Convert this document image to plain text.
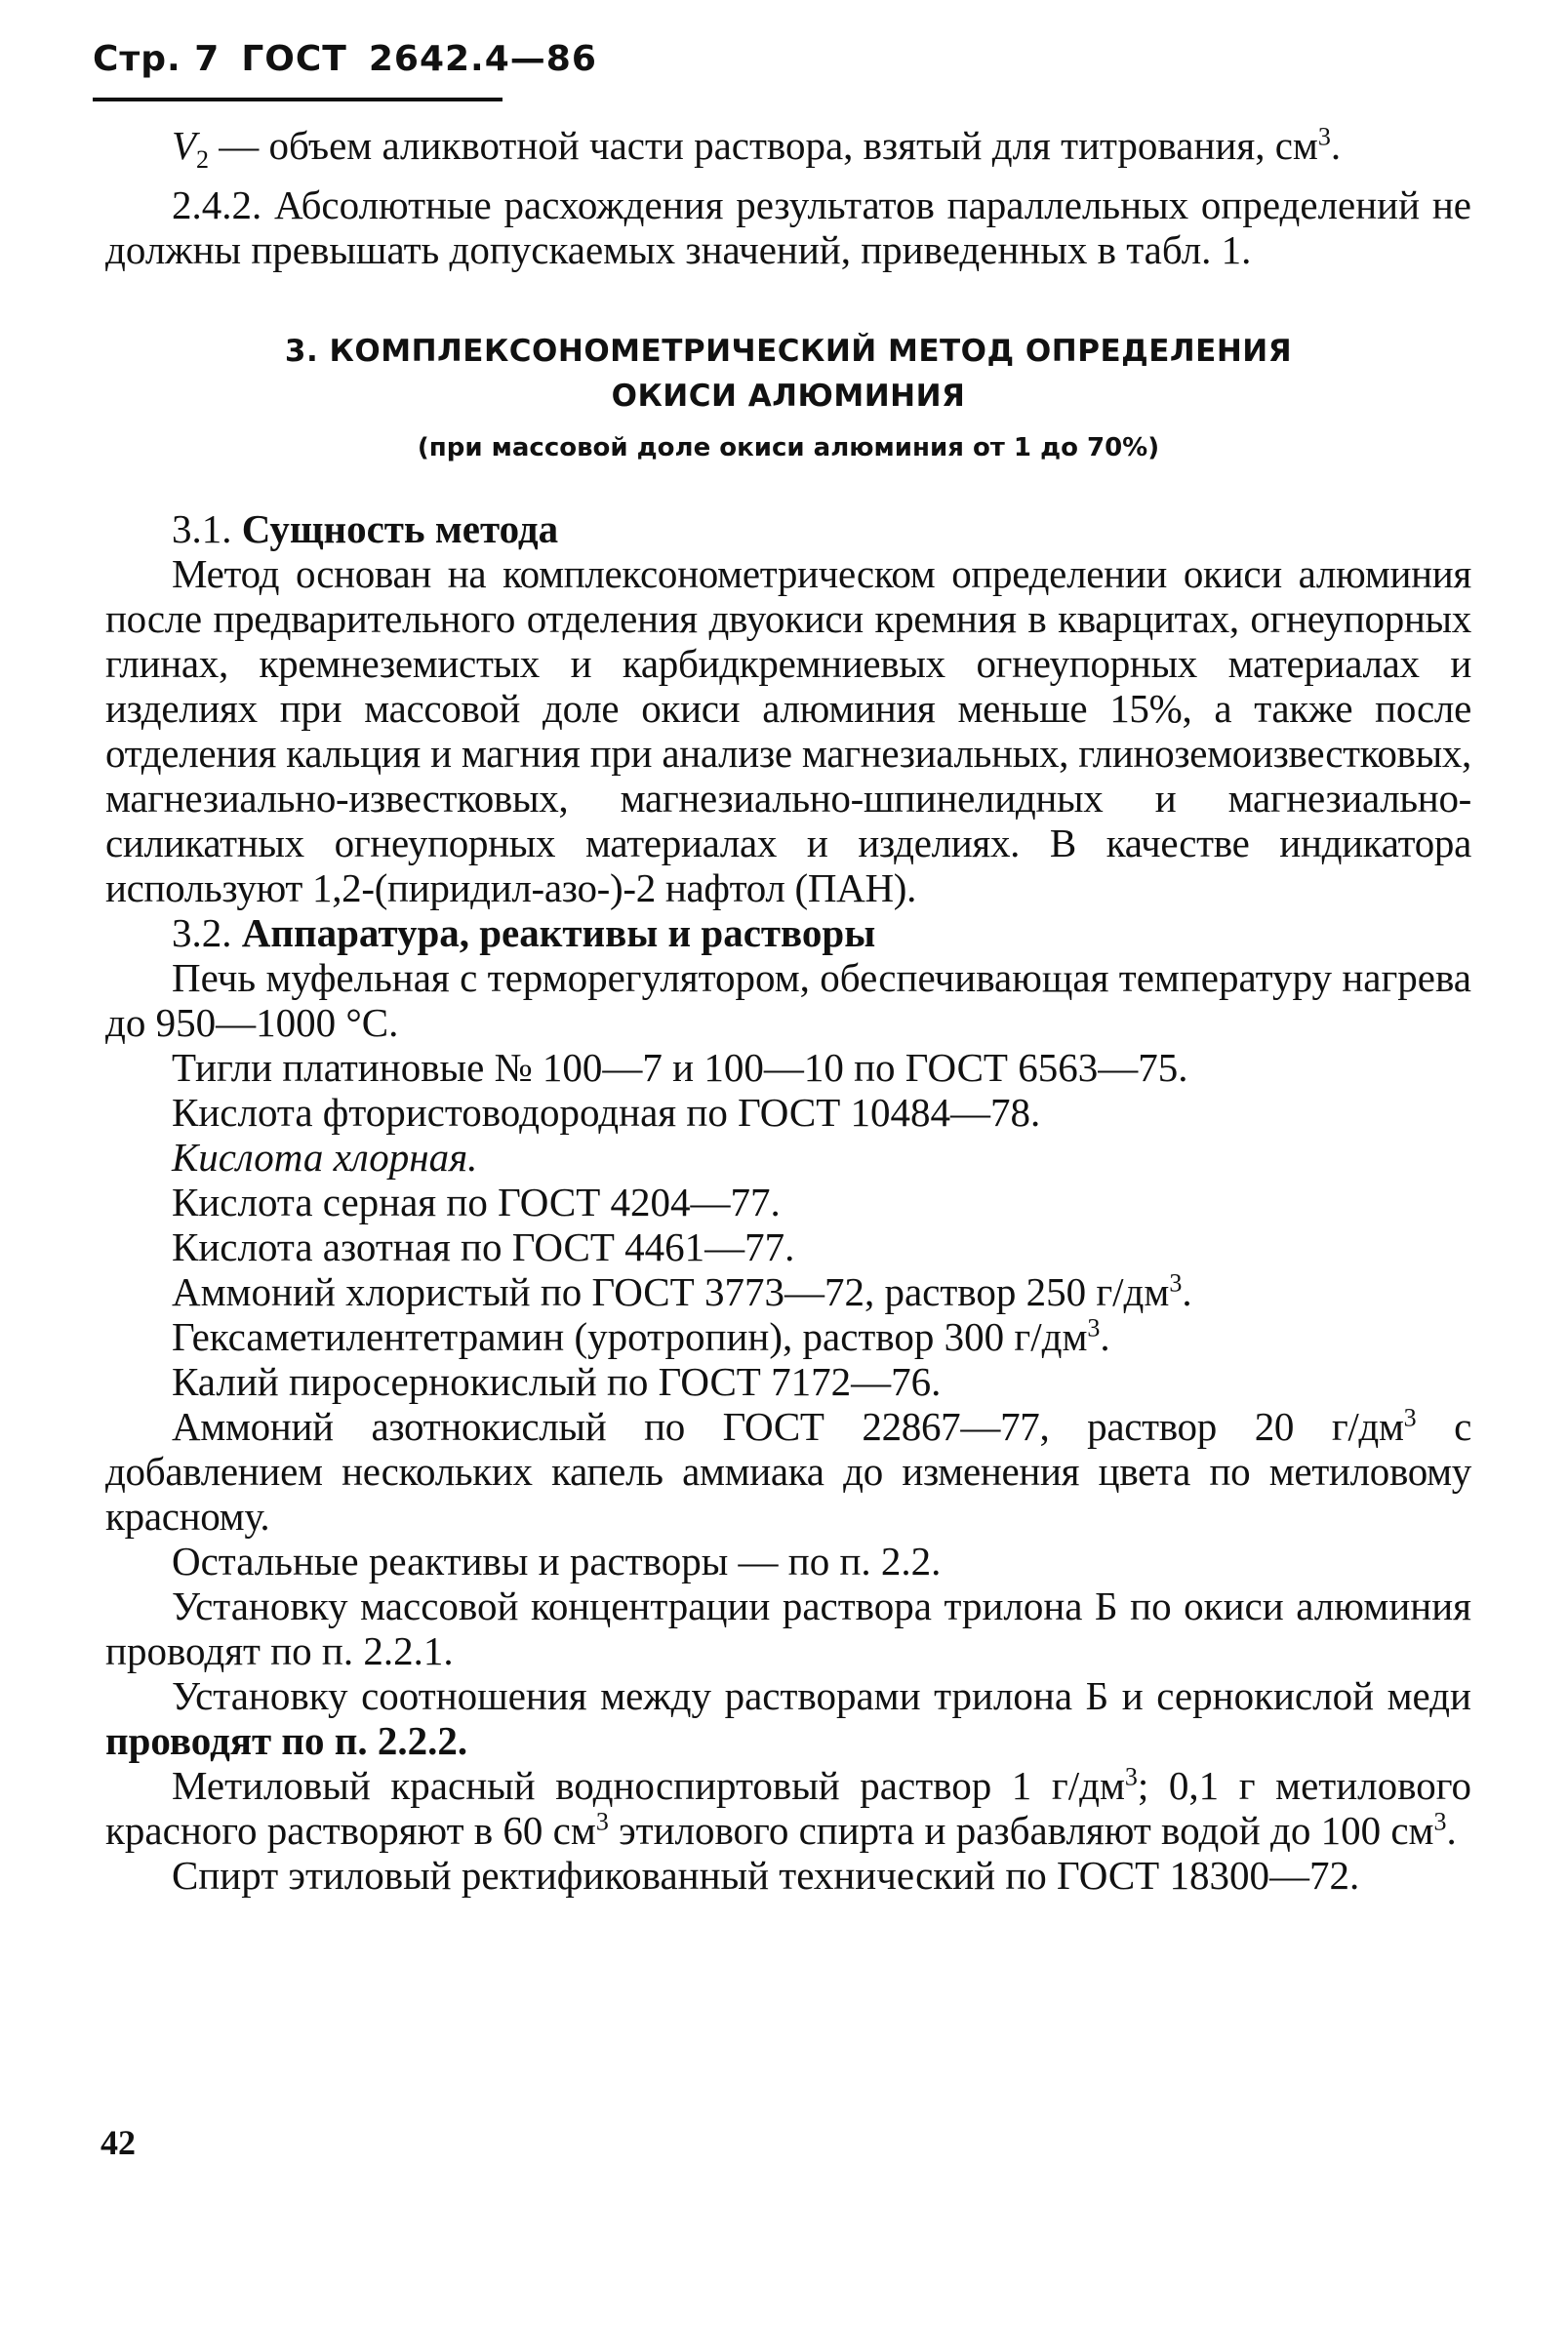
Стр. 7 ГОСТ 2642.4—86

$V_2$ — объем аликвотной части раствора, взятый для титрования, $см^3$.

2.4.2. Абсолютные расхождения результатов параллельных определений не должны превышать допускаемых значений, приведенных в табл. 1.

3. КОМПЛЕКСОНОМЕТРИЧЕСКИЙ МЕТОД ОПРЕДЕЛЕНИЯ
ОКИСИ АЛЮМИНИЯ
(при массовой доле окиси алюминия от 1 до 70%)

3.1. Сущность метода

Метод основан на комплексонометрическом определении окиси алюминия после предварительного отделения двуокиси кремния в кварцитах, огнеупорных глинах, кремнеземистых и карбидкремниевых огнеупорных материалах и изделиях при массовой доле окиси алюминия меньше 15%, а также после отделения кальция и магния при анализе магнезиальных, глиноземоизвестковых, магнезиально-известковых, магнезиально-шпинелидных и магнезиально-силикатных огнеупорных материалах и изделиях. В качестве индикатора используют 1,2-(пиридил-азо-)-2 нафтол (ПАН).

3.2. Аппаратура, реактивы и растворы

Печь муфельная с терморегулятором, обеспечивающая температуру нагрева до 950—1000 °С.

Тигли платиновые № 100—7 и 100—10 по ГОСТ 6563—75.

Кислота фтористоводородная по ГОСТ 10484—78.

Кислота хлорная.

Кислота серная по ГОСТ 4204—77.

Кислота азотная по ГОСТ 4461—77.

Аммоний хлористый по ГОСТ 3773—72, раствор 250 $г/дм^3$.

Гексаметилентетрамин (уротропин), раствор 300 $г/дм^3$.

Калий пиросернокислый по ГОСТ 7172—76.

Аммоний азотнокислый по ГОСТ 22867—77, раствор 20 $г/дм^3$ с добавлением нескольких капель аммиака до изменения цвета по метиловому красному.

Остальные реактивы и растворы — по п. 2.2.

Установку массовой концентрации раствора трилона Б по окиси алюминия проводят по п. 2.2.1.

Установку соотношения между растворами трилона Б и сернокислой меди проводят по п. 2.2.2.

Метиловый красный водноспиртовый раствор 1 $г/дм^3$; 0,1 г метилового красного растворяют в 60 $см^3$ этилового спирта и разбавляют водой до 100 $см^3$.

Спирт этиловый ректификованный технический по ГОСТ 18300—72.

42
